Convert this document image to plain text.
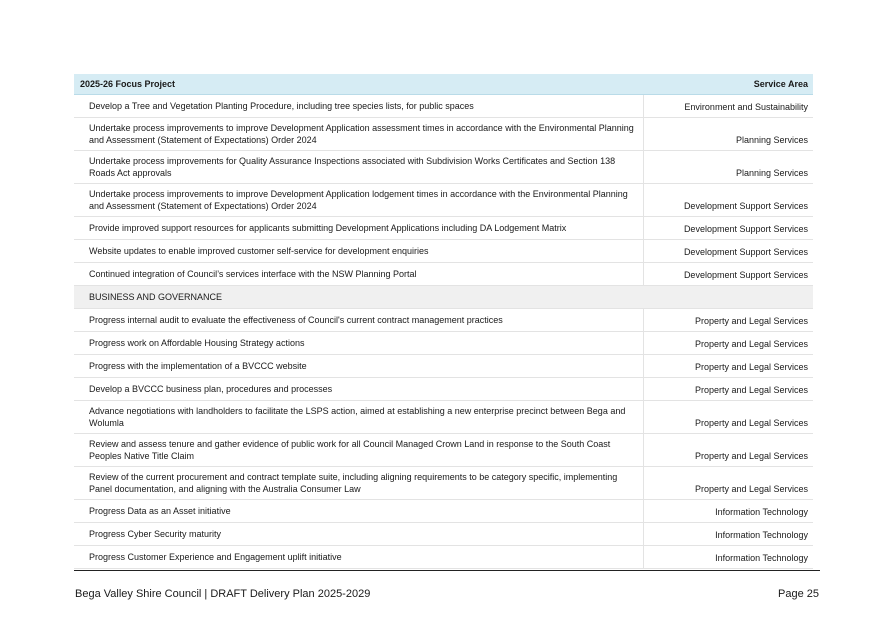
2025-26 Focus Project	Service Area
Develop a Tree and Vegetation Planting Procedure, including tree species lists, for public spaces	Environment and Sustainability
Undertake process improvements to improve Development Application assessment times in accordance with the Environmental Planning and Assessment (Statement of Expectations) Order 2024	Planning Services
Undertake process improvements for Quality Assurance Inspections associated with Subdivision Works Certificates and Section 138 Roads Act approvals	Planning Services
Undertake process improvements to improve Development Application lodgement times in accordance with the Environmental Planning and Assessment (Statement of Expectations) Order 2024	Development Support Services
Provide improved support resources for applicants submitting Development Applications including DA Lodgement Matrix	Development Support Services
Website updates to enable improved customer self-service for development enquiries	Development Support Services
Continued integration of Council’s services interface with the NSW Planning Portal	Development Support Services
BUSINESS AND GOVERNANCE	
Progress internal audit to evaluate the effectiveness of Council's current contract management practices	Property and Legal Services
Progress work on Affordable Housing Strategy actions	Property and Legal Services
Progress with the implementation of a BVCCC website	Property and Legal Services
Develop a BVCCC business plan, procedures and processes	Property and Legal Services
Advance negotiations with landholders to facilitate the LSPS action, aimed at establishing a new enterprise precinct between Bega and Wolumla	Property and Legal Services
Review and assess tenure and gather evidence of public work for all Council Managed Crown Land in response to the South Coast Peoples Native Title Claim	Property and Legal Services
Review of the current procurement and contract template suite, including aligning requirements to be category specific, implementing Panel documentation, and aligning with the Australia Consumer Law	Property and Legal Services
Progress Data as an Asset initiative	Information Technology
Progress Cyber Security maturity	Information Technology
Progress Customer Experience and Engagement uplift initiative	Information Technology
Bega Valley Shire Council | DRAFT Delivery Plan 2025-2029	Page 25
